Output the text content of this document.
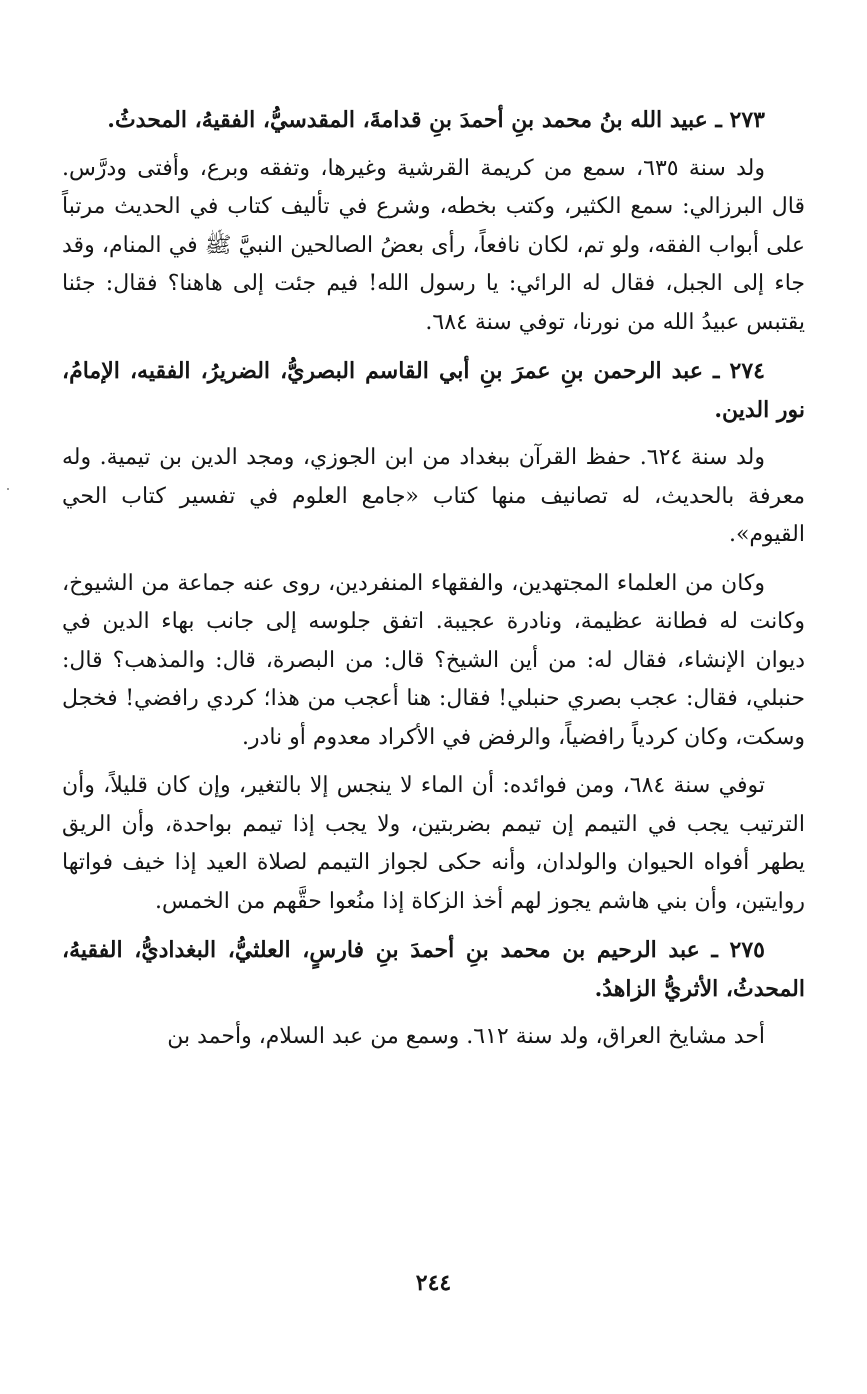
٢٧٣ ـ عبيد الله بنُ محمد بنِ أحمدَ بنِ قدامةَ، المقدسيُّ، الفقيهُ، المحدثُ.

ولد سنة ٦٣٥، سمع من كريمة القرشية وغيرها، وتفقه وبرع، وأفتى ودرَّس. قال البرزالي: سمع الكثير، وكتب بخطه، وشرع في تأليف كتاب في الحديث مرتباً على أبواب الفقه، ولو تم، لكان نافعاً، رأى بعضُ الصالحين النبيَّ ﷺ في المنام، وقد جاء إلى الجبل، فقال له الرائي: يا رسول الله! فيم جئت إلى هاهنا؟ فقال: جئنا يقتبس عبيدُ الله من نورنا، توفي سنة ٦٨٤.

٢٧٤ ـ عبد الرحمن بنِ عمرَ بنِ أبي القاسم البصريُّ، الضريرُ، الفقيه، الإمامُ، نور الدين.

ولد سنة ٦٢٤. حفظ القرآن ببغداد من ابن الجوزي، ومجد الدين بن تيمية. وله معرفة بالحديث، له تصانيف منها كتاب «جامع العلوم في تفسير كتاب الحي القيوم».

وكان من العلماء المجتهدين، والفقهاء المنفردين، روى عنه جماعة من الشيوخ، وكانت له فطانة عظيمة، ونادرة عجيبة. اتفق جلوسه إلى جانب بهاء الدين في ديوان الإنشاء، فقال له: من أين الشيخ؟ قال: من البصرة، قال: والمذهب؟ قال: حنبلي، فقال: عجب بصري حنبلي! فقال: هنا أعجب من هذا؛ كردي رافضي! فخجل وسكت، وكان كردياً رافضياً، والرفض في الأكراد معدوم أو نادر.

توفي سنة ٦٨٤، ومن فوائده: أن الماء لا ينجس إلا بالتغير، وإن كان قليلاً، وأن الترتيب يجب في التيمم إن تيمم بضربتين، ولا يجب إذا تيمم بواحدة، وأن الريق يطهر أفواه الحيوان والولدان، وأنه حكى لجواز التيمم لصلاة العيد إذا خيف فواتها روايتين، وأن بني هاشم يجوز لهم أخذ الزكاة إذا منُعوا حقَّهم من الخمس.

٢٧٥ ـ عبد الرحيم بن محمد بنِ أحمدَ بنِ فارسٍ، العلثيُّ، البغداديُّ، الفقيهُ، المحدثُ، الأثريُّ الزاهدُ.

أحد مشايخ العراق، ولد سنة ٦١٢. وسمع من عبد السلام، وأحمد بن

٢٤٤
